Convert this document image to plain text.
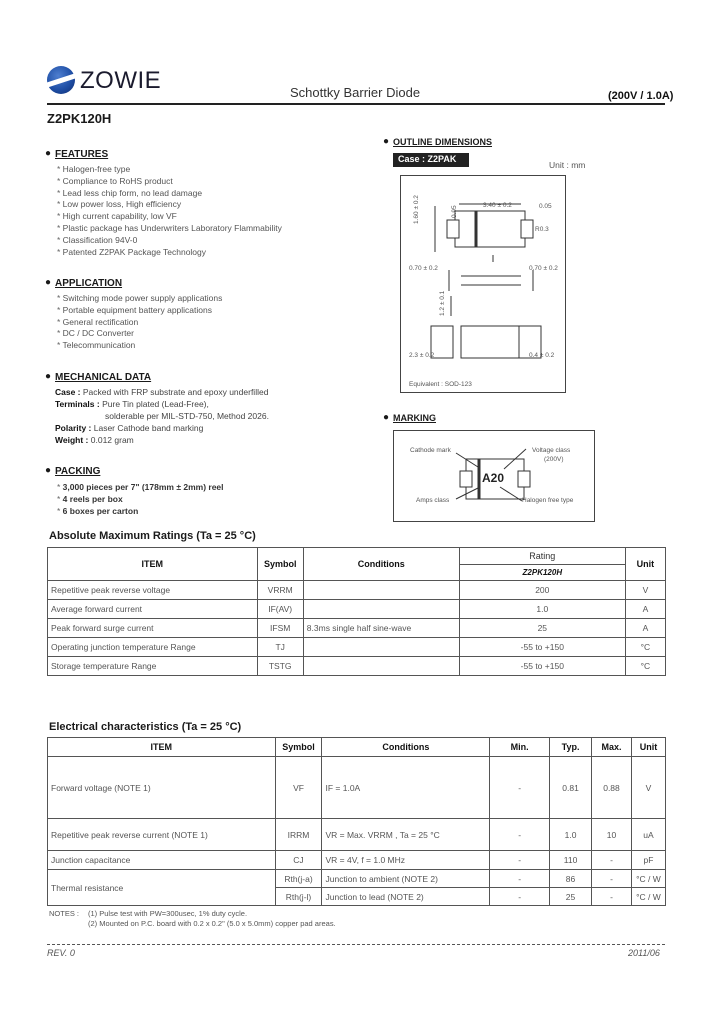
ZOWIE	Schottky Barrier Diode	(200V / 1.0A)
Z2PK120H
● FEATURES
* Halogen-free type
* Compliance to RoHS product
* Lead less chip form, no lead damage
* Low power loss, High efficiency
* High current capability, low VF
* Plastic package has Underwriters Laboratory Flammability
* Classification 94V-0
* Patented Z2PAK Package Technology
● APPLICATION
* Switching mode power supply applications
* Portable equipment battery applications
* General rectification
* DC / DC Converter
* Telecommunication
● MECHANICAL DATA
Case : Packed with FRP substrate and epoxy underfilled
Terminals : Pure Tin plated (Lead-Free),
solderable per MIL-STD-750, Method 2026.
Polarity : Laser Cathode band marking
Weight : 0.012 gram
● PACKING
* 3,000 pieces per 7" (178mm ± 2mm) reel
* 4 reels per box
* 6 boxes per carton
● OUTLINE DIMENSIONS
Case : Z2PAK
Unit : mm
1.60 ± 0.2	0.95	3.40 ± 0.2	0.05
R0.3
0.70 ± 0.2	0.70 ± 0.2
1.2 ± 0.1
2.3 ± 0.2	0.4 ± 0.2
Equivalent : SOD-123
● MARKING
Cathode mark	Voltage class
(200V)
A20
Amps class	Halogen free type
Absolute Maximum Ratings (Ta = 25 °C)
ITEM	Symbol	Conditions	Rating	Unit
			Z2PK120H	
Repetitive peak reverse voltage	VRRM		200	V
Average forward current	IF(AV)		1.0	A
Peak forward surge current	IFSM	8.3ms single half sine-wave	25	A
Operating junction temperature Range	TJ		-55 to +150	°C
Storage temperature Range	TSTG		-55 to +150	°C
Electrical characteristics (Ta = 25 °C)
ITEM	Symbol	Conditions	Min.	Typ.	Max.	Unit
Forward voltage (NOTE 1)	VF	IF = 1.0A	-	0.81	0.88	V
Repetitive peak reverse current (NOTE 1)	IRRM	VR = Max. VRRM , Ta = 25 °C	-	1.0	10	uA
Junction capacitance	CJ	VR = 4V, f = 1.0 MHz	-	110	-	pF
Thermal resistance	Rth(j-a)	Junction to ambient (NOTE 2)	-	86	-	°C / W
	Rth(j-l)	Junction to lead (NOTE 2)	-	25	-	°C / W
NOTES : (1) Pulse test with PW=300usec, 1% duty cycle.
(2) Mounted on P.C. board with 0.2 x 0.2" (5.0 x 5.0mm) copper pad areas.
REV. 0	2011/06
